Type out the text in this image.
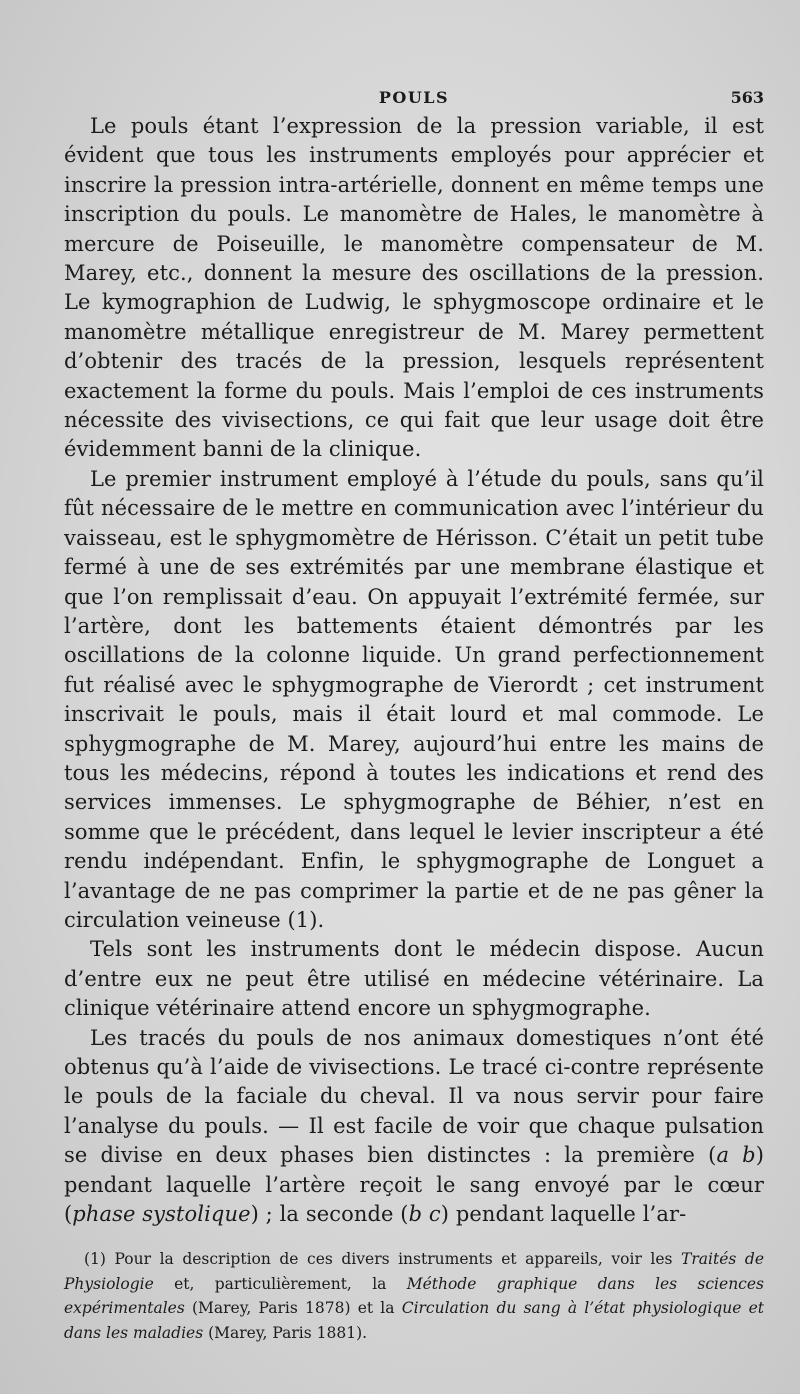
POULS	563

Le pouls étant l’expression de la pression variable, il est évident que tous les instruments employés pour apprécier et inscrire la pression intra-artérielle, donnent en même temps une inscription du pouls. Le manomètre de Hales, le manomètre à mercure de Poiseuille, le manomètre compensateur de M. Marey, etc., donnent la mesure des oscillations de la pression. Le kymographion de Ludwig, le sphygmoscope ordinaire et le manomètre métallique enregistreur de M. Marey permettent d’obtenir des tracés de la pression, lesquels représentent exactement la forme du pouls. Mais l’emploi de ces instruments nécessite des vivisections, ce qui fait que leur usage doit être évidemment banni de la clinique.

Le premier instrument employé à l’étude du pouls, sans qu’il fût nécessaire de le mettre en communication avec l’intérieur du vaisseau, est le sphygmomètre de Hérisson. C’était un petit tube fermé à une de ses extrémités par une membrane élastique et que l’on remplissait d’eau. On appuyait l’extrémité fermée, sur l’artère, dont les battements étaient démontrés par les oscillations de la colonne liquide. Un grand perfectionnement fut réalisé avec le sphygmographe de Vierordt ; cet instrument inscrivait le pouls, mais il était lourd et mal commode. Le sphygmographe de M. Marey, aujourd’hui entre les mains de tous les médecins, répond à toutes les indications et rend des services immenses. Le sphygmographe de Béhier, n’est en somme que le précédent, dans lequel le levier inscripteur a été rendu indépendant. Enfin, le sphygmographe de Longuet a l’avantage de ne pas comprimer la partie et de ne pas gêner la circulation veineuse (1).

Tels sont les instruments dont le médecin dispose. Aucun d’entre eux ne peut être utilisé en médecine vétérinaire. La clinique vétérinaire attend encore un sphygmographe.

Les tracés du pouls de nos animaux domestiques n’ont été obtenus qu’à l’aide de vivisections. Le tracé ci-contre représente le pouls de la faciale du cheval. Il va nous servir pour faire l’analyse du pouls. — Il est facile de voir que chaque pulsation se divise en deux phases bien distinctes : la première (a b) pendant laquelle l’artère reçoit le sang envoyé par le cœur (phase systolique) ; la seconde (b c) pendant laquelle l’ar-

(1) Pour la description de ces divers instruments et appareils, voir les Traités de Physiologie et, particulièrement, la Méthode graphique dans les sciences expérimentales (Marey, Paris 1878) et la Circulation du sang à l’état physiologique et dans les maladies (Marey, Paris 1881).
